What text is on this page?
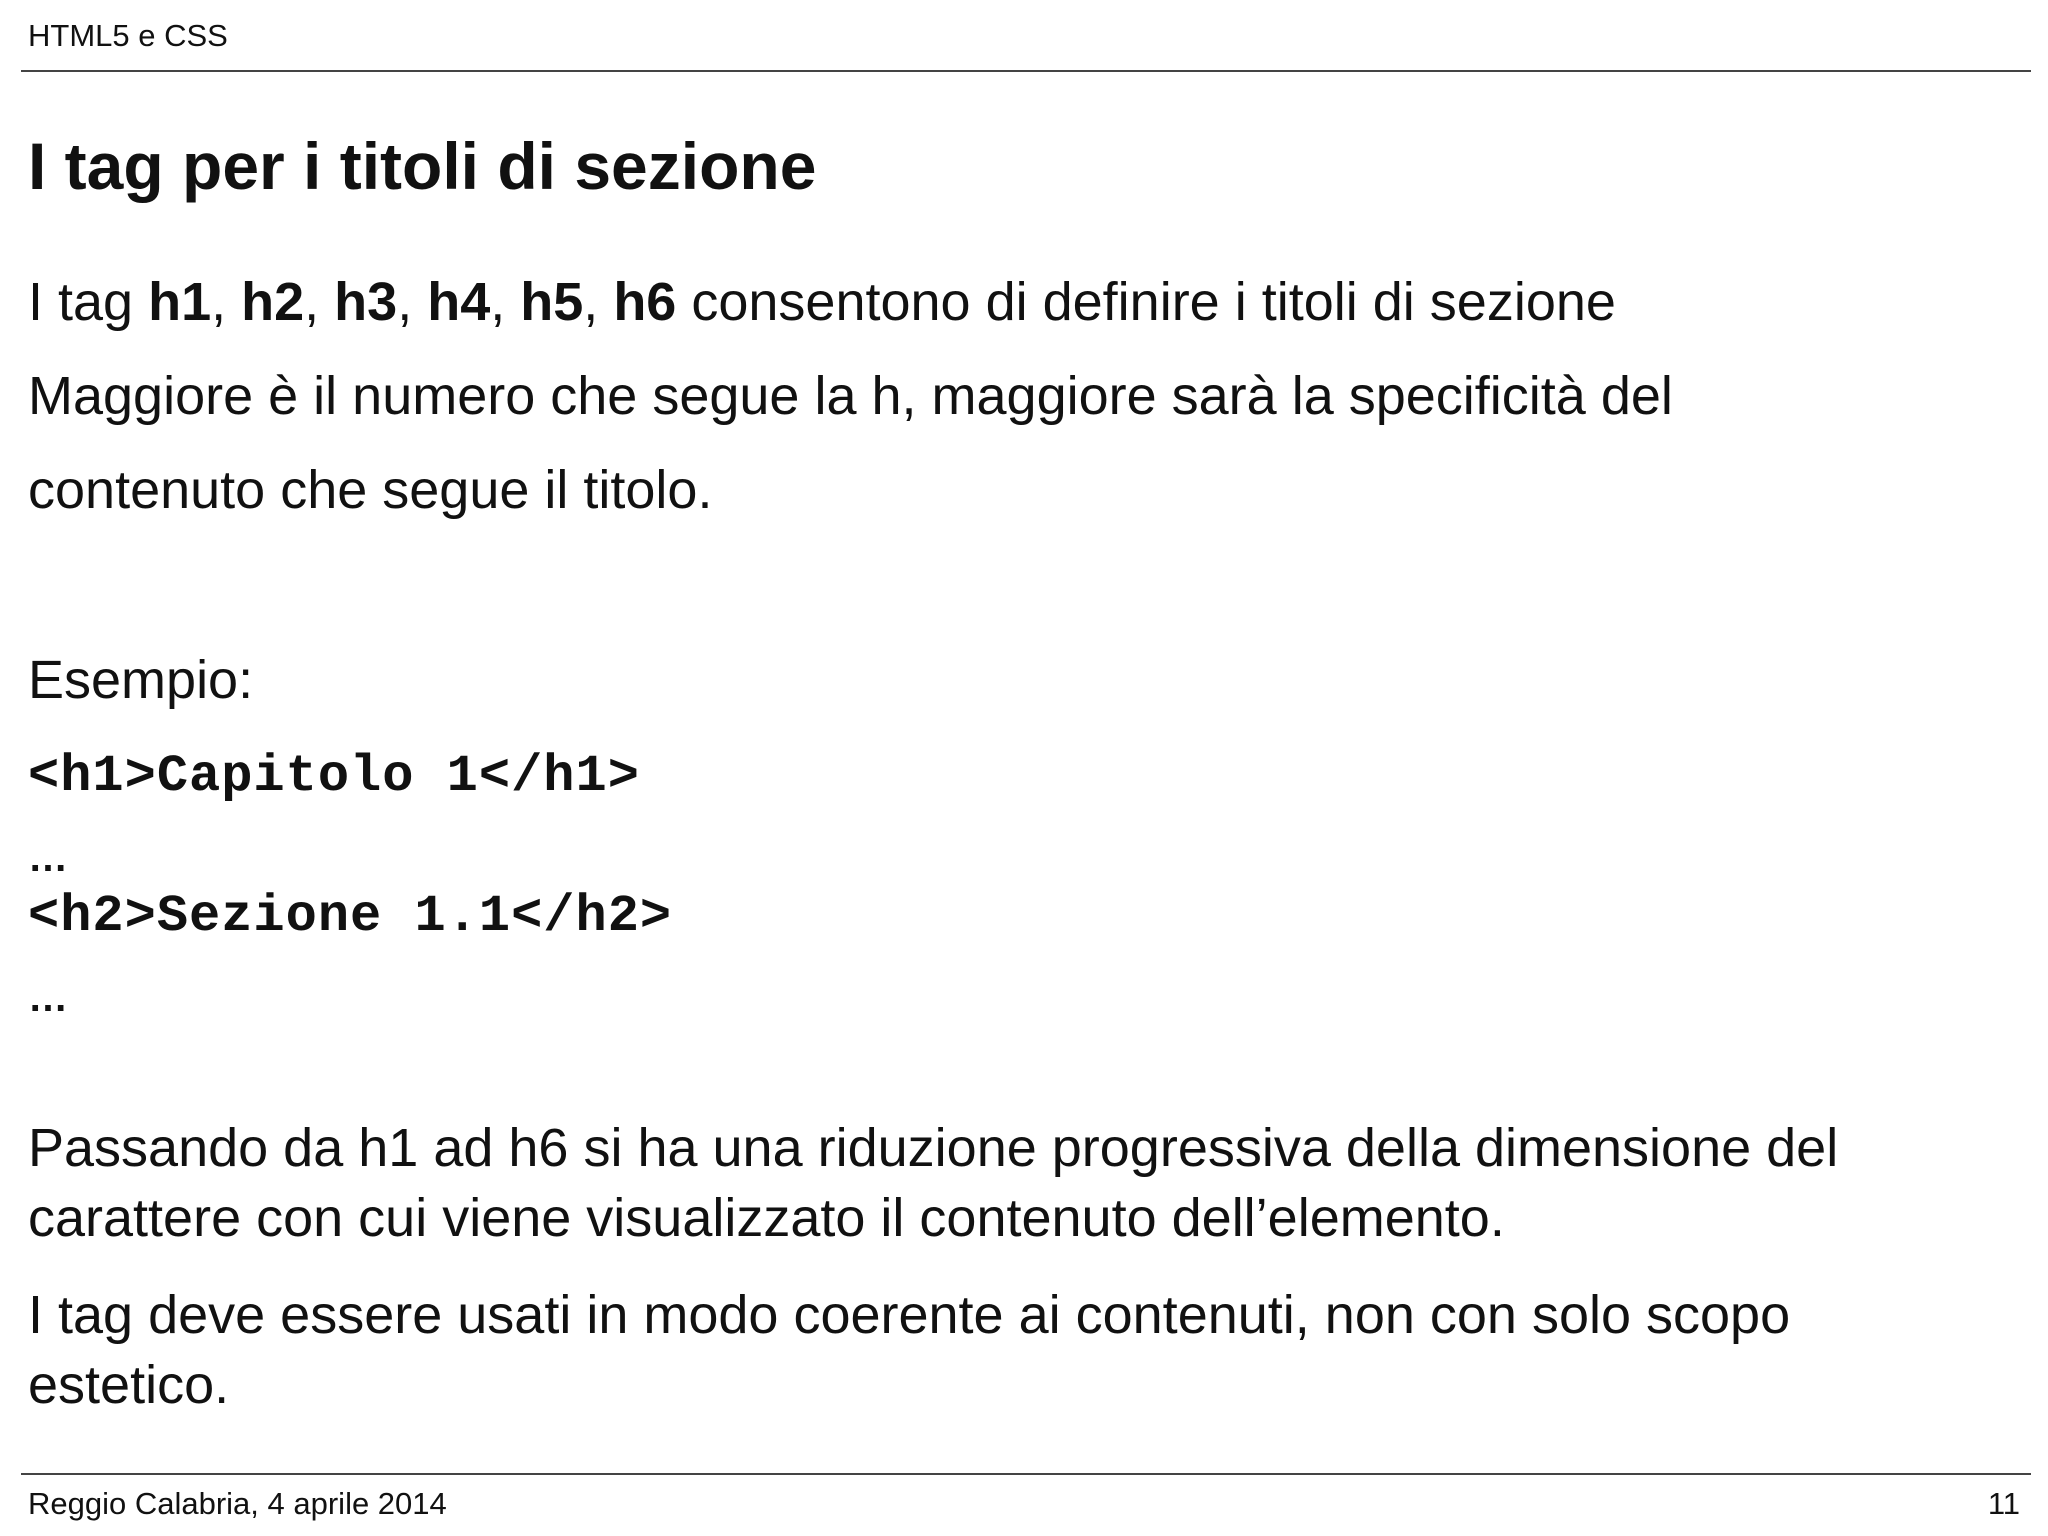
HTML5 e CSS
I tag per i titoli di sezione
I tag h1, h2, h3, h4, h5, h6 consentono di definire i titoli di sezione
Maggiore è il numero che segue la h, maggiore sarà la specificità del
contenuto che segue il titolo.
Esempio:
<h1>Capitolo 1</h1>
…
<h2>Sezione 1.1</h2>
…
Passando da h1 ad h6 si ha una riduzione progressiva della dimensione del
carattere con cui viene visualizzato il contenuto dell’elemento.
I tag deve essere usati in modo coerente ai contenuti, non con solo scopo
estetico.
Reggio Calabria, 4 aprile 2014	11
